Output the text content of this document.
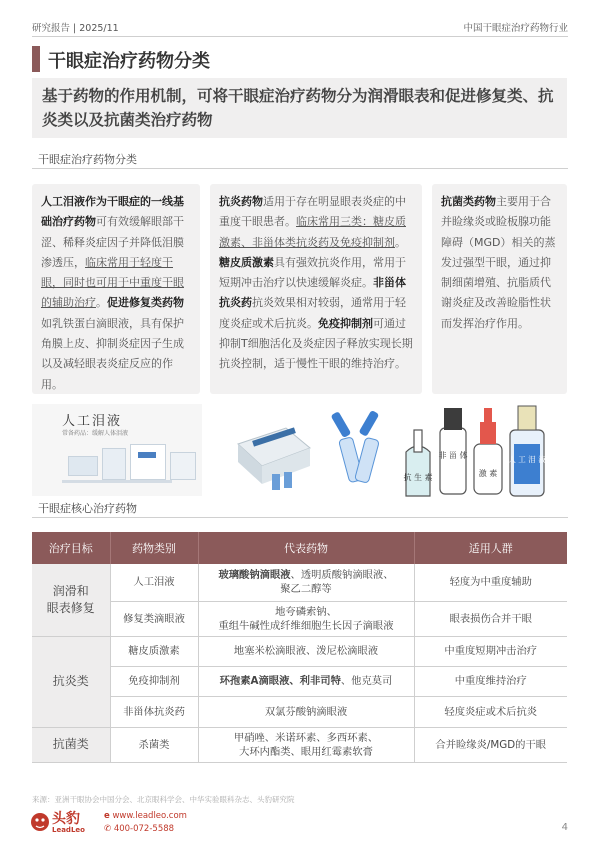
研究报告 | 2025/11	中国干眼症治疗药物行业
干眼症治疗药物分类
基于药物的作用机制，可将干眼症治疗药物分为润滑眼表和促进修复类、抗炎类以及抗菌类治疗药物
干眼症治疗药物分类
人工泪液作为干眼症的一线基础治疗药物可有效缓解眼部干涩、稀释炎症因子并降低泪膜渗透压，临床常用于轻度干眼，同时也可用于中重度干眼的辅助治疗。促进修复类药物如乳铁蛋白滴眼液，具有保护角膜上皮、抑制炎症因子生成以及减轻眼表炎症反应的作用。
抗炎药物适用于存在明显眼表炎症的中重度干眼患者。临床常用三类：糖皮质激素、非甾体类抗炎药及免疫抑制剂。糖皮质激素具有强效抗炎作用，常用于短期冲击治疗以快速缓解炎症。非甾体抗炎药抗炎效果相对较弱，通常用于轻度炎症或术后抗炎。免疫抑制剂可通过抑制T细胞活化及炎症因子释放实现长期抗炎控制，适于慢性干眼的维持治疗。
抗菌类药物主要用于合并睑缘炎或睑板腺功能障碍（MGD）相关的蒸发过强型干眼，通过抑制细菌增殖、抗脂质代谢炎症及改善睑脂性状而发挥治疗作用。
人工泪液
常备药品：缓解人体泪液
抗 生 素
非 甾 体
激 素
人 工 泪 液
干眼症核心治疗药物
治疗目标	药物类别	代表药物	适用人群
润滑和
眼表修复	人工泪液	玻璃酸钠滴眼液、透明质酸钠滴眼液、
聚乙二醇等	轻度为中重度辅助
	修复类滴眼液	地夸磷索钠、
重组牛碱性成纤维细胞生长因子滴眼液	眼表损伤合并干眼
抗炎类	糖皮质激素	地塞米松滴眼液、泼尼松滴眼液	中重度短期冲击治疗
	免疫抑制剂	环孢素A滴眼液、利非司特、他克莫司	中重度维持治疗
	非甾体抗炎药	双氯芬酸钠滴眼液	轻度炎症或术后抗炎
抗菌类	杀菌类	甲硝唑、米诺环素、多西环素、
大环内酯类、眼用红霉素软膏	合并睑缘炎/MGD的干眼
来源：亚洲干眼协会中国分会、北京眼科学会、中华实验眼科杂志、头豹研究院
头豹
LeadLeo
e www.leadleo.com
✆ 400-072-5588	4
